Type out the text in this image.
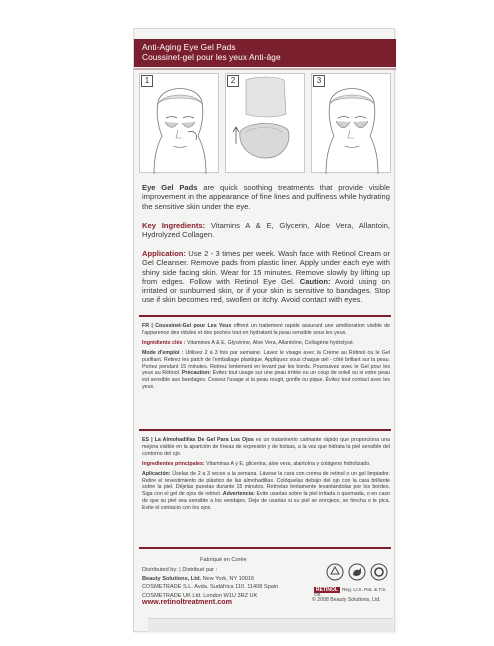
Anti-Aging Eye Gel Pads
Coussinet-gel pour les yeux Anti-âge
1	2	3
Eye Gel Pads are quick soothing treatments that provide visible improvement in the appearance of fine lines and puffiness while hydrating the sensitive skin under the eye.
Key Ingredients: Vitamins A & E, Glycerin, Aloe Vera, Allantoin, Hydrolyzed Collagen.
Application: Use 2 - 3 times per week. Wash face with Retinol Cream or Gel Cleanser. Remove pads from plastic liner. Apply under each eye with shiny side facing skin. Wear for 15 minutes. Remove slowly by lifting up from edges. Follow with Retinol Eye Gel. Caution: Avoid using on irritated or sunburned skin, or if your skin is sensitive to bandages. Stop use if skin becomes red, swollen or itchy. Avoid contact with eyes.

FR | Coussinet-Gel pour Les Yeux offrent un traitement rapide assurant une amélioration visible de l'apparence des ridules et des poches tout en hydratant la peau sensible sous les yeux.

Ingrédients clés : Vitamines A & E, Glycérine, Aloe Vera, Allantoïne, Collagène hydrolysé.

Mode d'emploi : Utilisez 2 à 3 fois par semaine. Lavez le visage avec la Crème au Rétinol ou le Gel purifiant. Retirez les patch de l'emballage plastique. Appliquez sous chaque œil - côté brillant sur la peau. Portez pendant 15 minutes. Retirez lentement en levant par les bords. Poursuivez avec le Gel pour les yeux au Rétinol. Précaution: Évitez tout usage sur une peau irritée ou un coup de soleil ou si votre peau est sensible aux bandages. Cessez l'usage si la peau rougit, gonfle ou pique. Évitez tout contact avec les yeux.

ES | La Almohadillas De Gel Para Los Ojos es un tratamiento calmante rápido que proporciona una mejora visible en la aparición de líneas de expresión y de bolsas, a la vez que hidrata la piel sensible del contorno del ojo.

Ingredientes principales: Vitaminas A y E, glicerina, aloe vera, alantoína y colágeno hidrolizado.

Aplicación: Úselas de 2 a 3 veces a la semana. Lávese la cara con crema de retinol o un gel limpiador. Retire el revestimiento de plástico de las almohadillas. Colóquelas debajo del ojo con la cara brillante sobre la piel. Déjelas puestas durante 15 minutos. Retírelas lentamente levantándolas por los bordes. Siga con el gel de ojos de retinol. Advertencia: Evite usarlas sobre la piel irritada o quemada, o en caso de que su piel sea sensible a los vendajes. Deje de usarlas si su piel se enrojece, se hincha o le pica. Evite el contacto con los ojos.

Fabriqué en Corée
Distributed by: | Distribué par :
Beauty Solutions, Ltd. New York, NY 10016
COSMETRADE S.L. Avda. Sudáfrica 110. 11408 Spain
COSMETRADE UK Ltd. London W1U 3RZ UK
RETINOL Reg. U.S. Pat. & Tm. Off.
www.retinoltreatment.com	© 2008 Beauty Solutions, Ltd.
